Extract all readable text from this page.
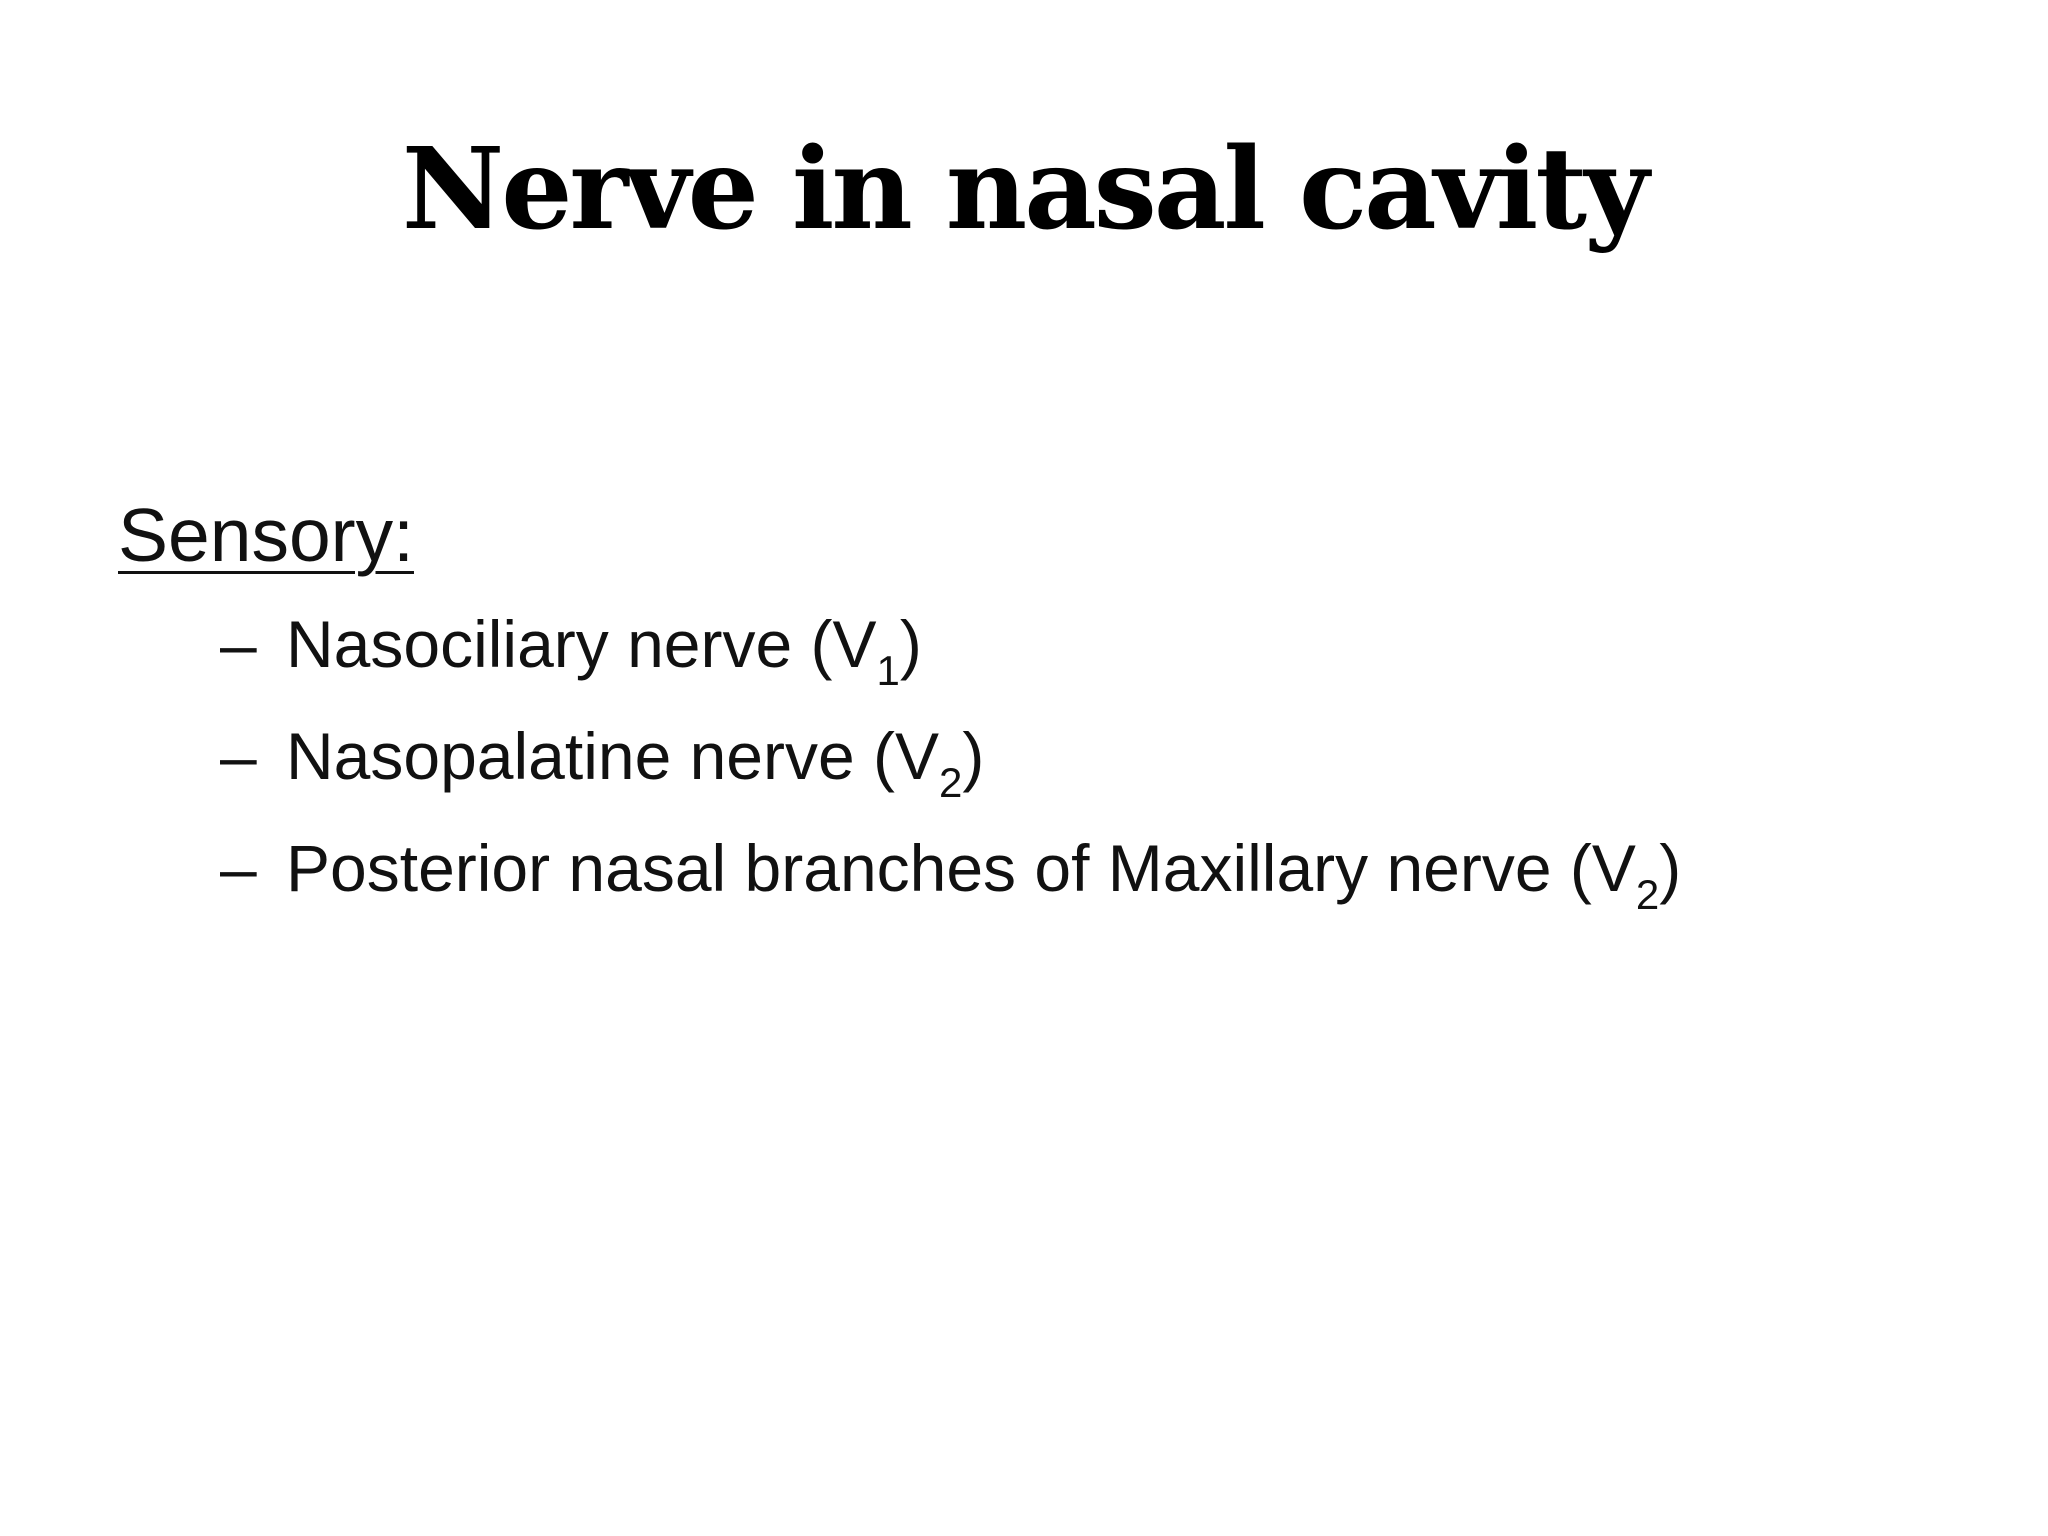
Nerve in nasal cavity
Sensory:
– Nasociliary nerve $(V_1)$
– Nasopalatine nerve $(V_2)$
– Posterior nasal branches of Maxillary nerve $(V_2)$
